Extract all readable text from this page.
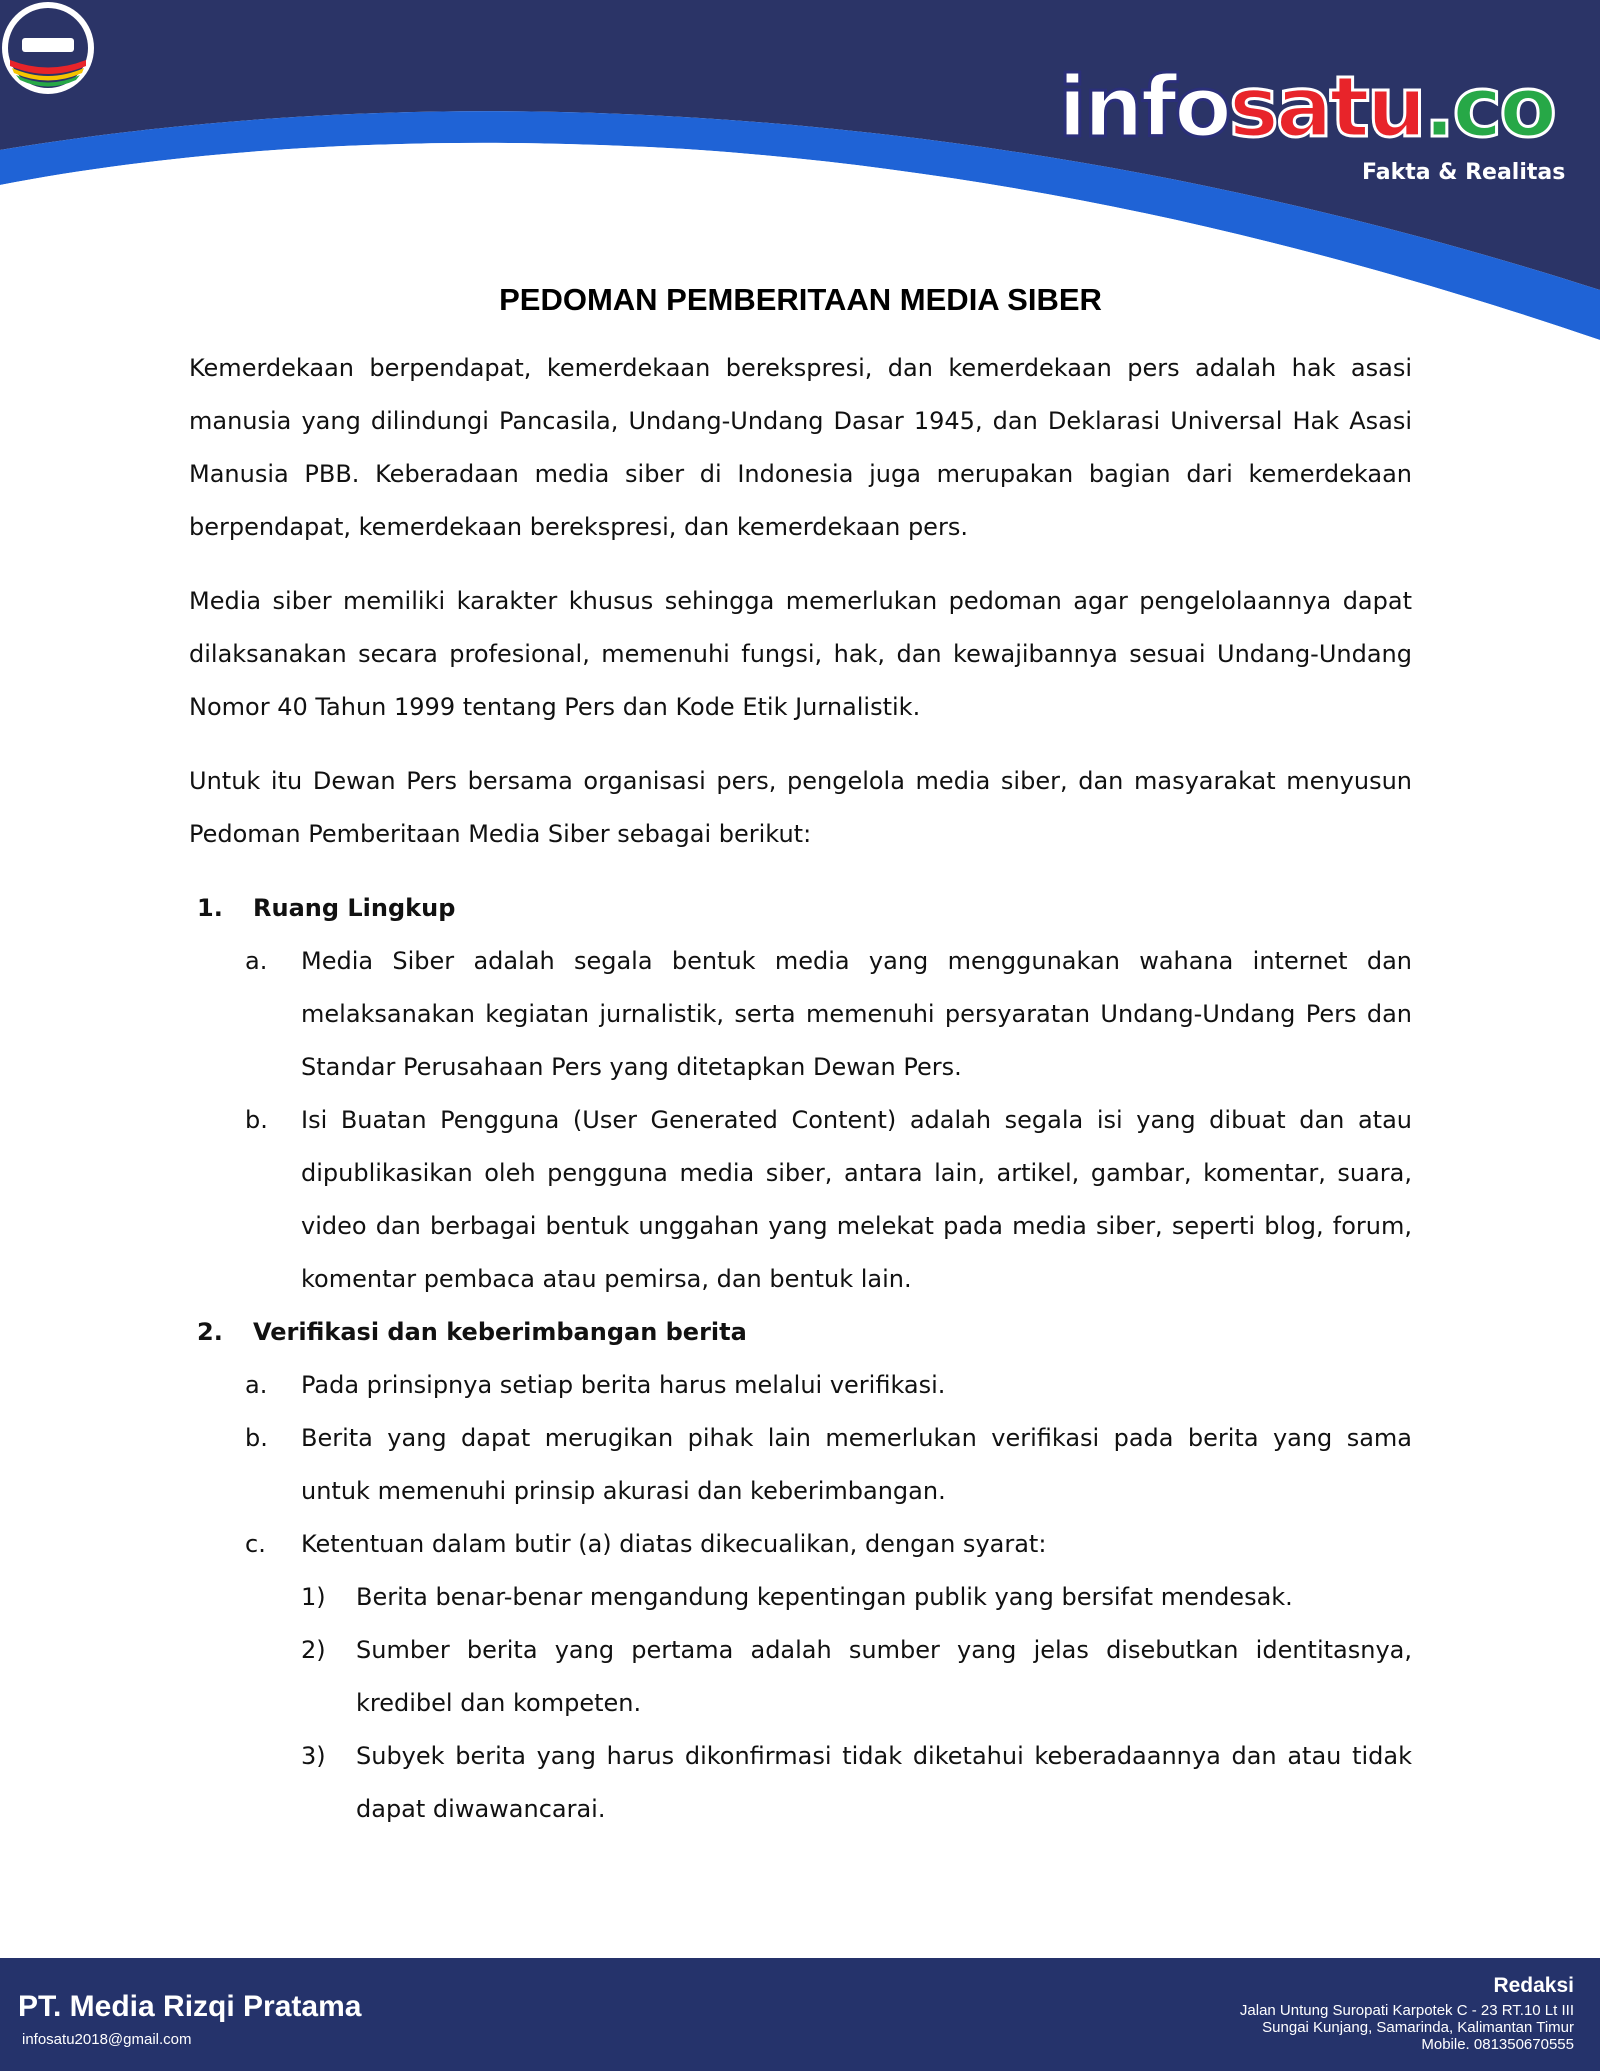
infosatu.co
Fakta & Realitas
PEDOMAN PEMBERITAAN MEDIA SIBER

Kemerdekaan berpendapat, kemerdekaan berekspresi, dan kemerdekaan pers adalah hak asasi manusia yang dilindungi Pancasila, Undang-Undang Dasar 1945, dan Deklarasi Universal Hak Asasi Manusia PBB. Keberadaan media siber di Indonesia juga merupakan bagian dari kemerdekaan berpendapat, kemerdekaan berekspresi, dan kemerdekaan pers.

Media siber memiliki karakter khusus sehingga memerlukan pedoman agar pengelolaannya dapat dilaksanakan secara profesional, memenuhi fungsi, hak, dan kewajibannya sesuai Undang-Undang Nomor 40 Tahun 1999 tentang Pers dan Kode Etik Jurnalistik.

Untuk itu Dewan Pers bersama organisasi pers, pengelola media siber, dan masyarakat menyusun Pedoman Pemberitaan Media Siber sebagai berikut:

1.	Ruang Lingkup
a.	Media Siber adalah segala bentuk media yang menggunakan wahana internet dan melaksanakan kegiatan jurnalistik, serta memenuhi persyaratan Undang-Undang Pers dan Standar Perusahaan Pers yang ditetapkan Dewan Pers.
b.	Isi Buatan Pengguna (User Generated Content) adalah segala isi yang dibuat dan atau dipublikasikan oleh pengguna media siber, antara lain, artikel, gambar, komentar, suara, video dan berbagai bentuk unggahan yang melekat pada media siber, seperti blog, forum, komentar pembaca atau pemirsa, dan bentuk lain.
2.	Verifikasi dan keberimbangan berita
a.	Pada prinsipnya setiap berita harus melalui verifikasi.
b.	Berita yang dapat merugikan pihak lain memerlukan verifikasi pada berita yang sama untuk memenuhi prinsip akurasi dan keberimbangan.
c.	Ketentuan dalam butir (a) diatas dikecualikan, dengan syarat:
1)	Berita benar-benar mengandung kepentingan publik yang bersifat mendesak.
2)	Sumber berita yang pertama adalah sumber yang jelas disebutkan identitasnya, kredibel dan kompeten.
3)	Subyek berita yang harus dikonfirmasi tidak diketahui keberadaannya dan atau tidak dapat diwawancarai.
PT. Media Rizqi Pratama
infosatu2018@gmail.com
Redaksi
Jalan Untung Suropati Karpotek C - 23 RT.10 Lt III
Sungai Kunjang, Samarinda, Kalimantan Timur
Mobile. 081350670555
